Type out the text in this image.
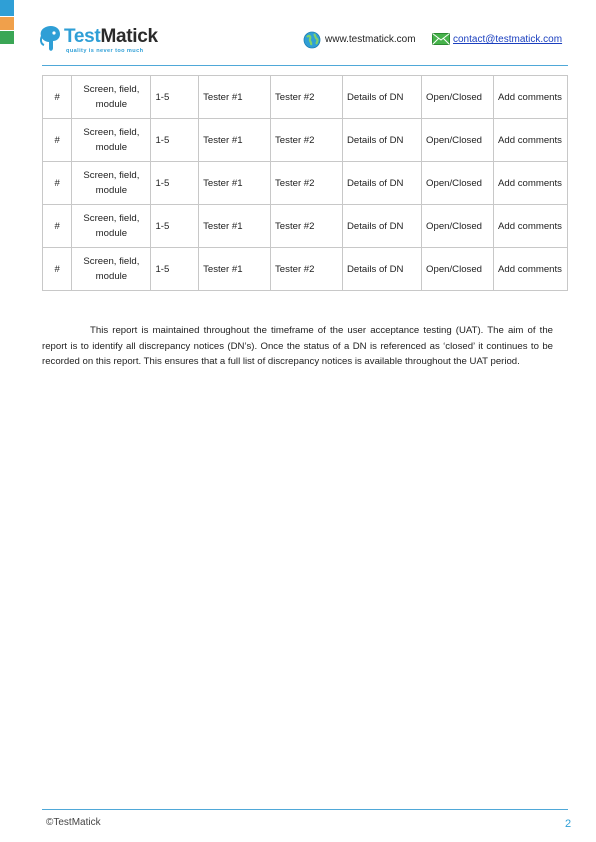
TestMatick
quality is never too much
www.testmatick.com	contact@testmatick.com
#	Screen, field, module	1-5	Tester #1	Tester #2	Details of DN	Open/Closed	Add comments
#	Screen, field, module	1-5	Tester #1	Tester #2	Details of DN	Open/Closed	Add comments
#	Screen, field, module	1-5	Tester #1	Tester #2	Details of DN	Open/Closed	Add comments
#	Screen, field, module	1-5	Tester #1	Tester #2	Details of DN	Open/Closed	Add comments
#	Screen, field, module	1-5	Tester #1	Tester #2	Details of DN	Open/Closed	Add comments

This report is maintained throughout the timeframe of the user acceptance testing (UAT). The aim of the report is to identify all discrepancy notices (DN’s). Once the status of a DN is referenced as ‘closed’ it continues to be recorded on this report. This ensures that a full list of discrepancy notices is available throughout the UAT period.

©TestMatick	2
